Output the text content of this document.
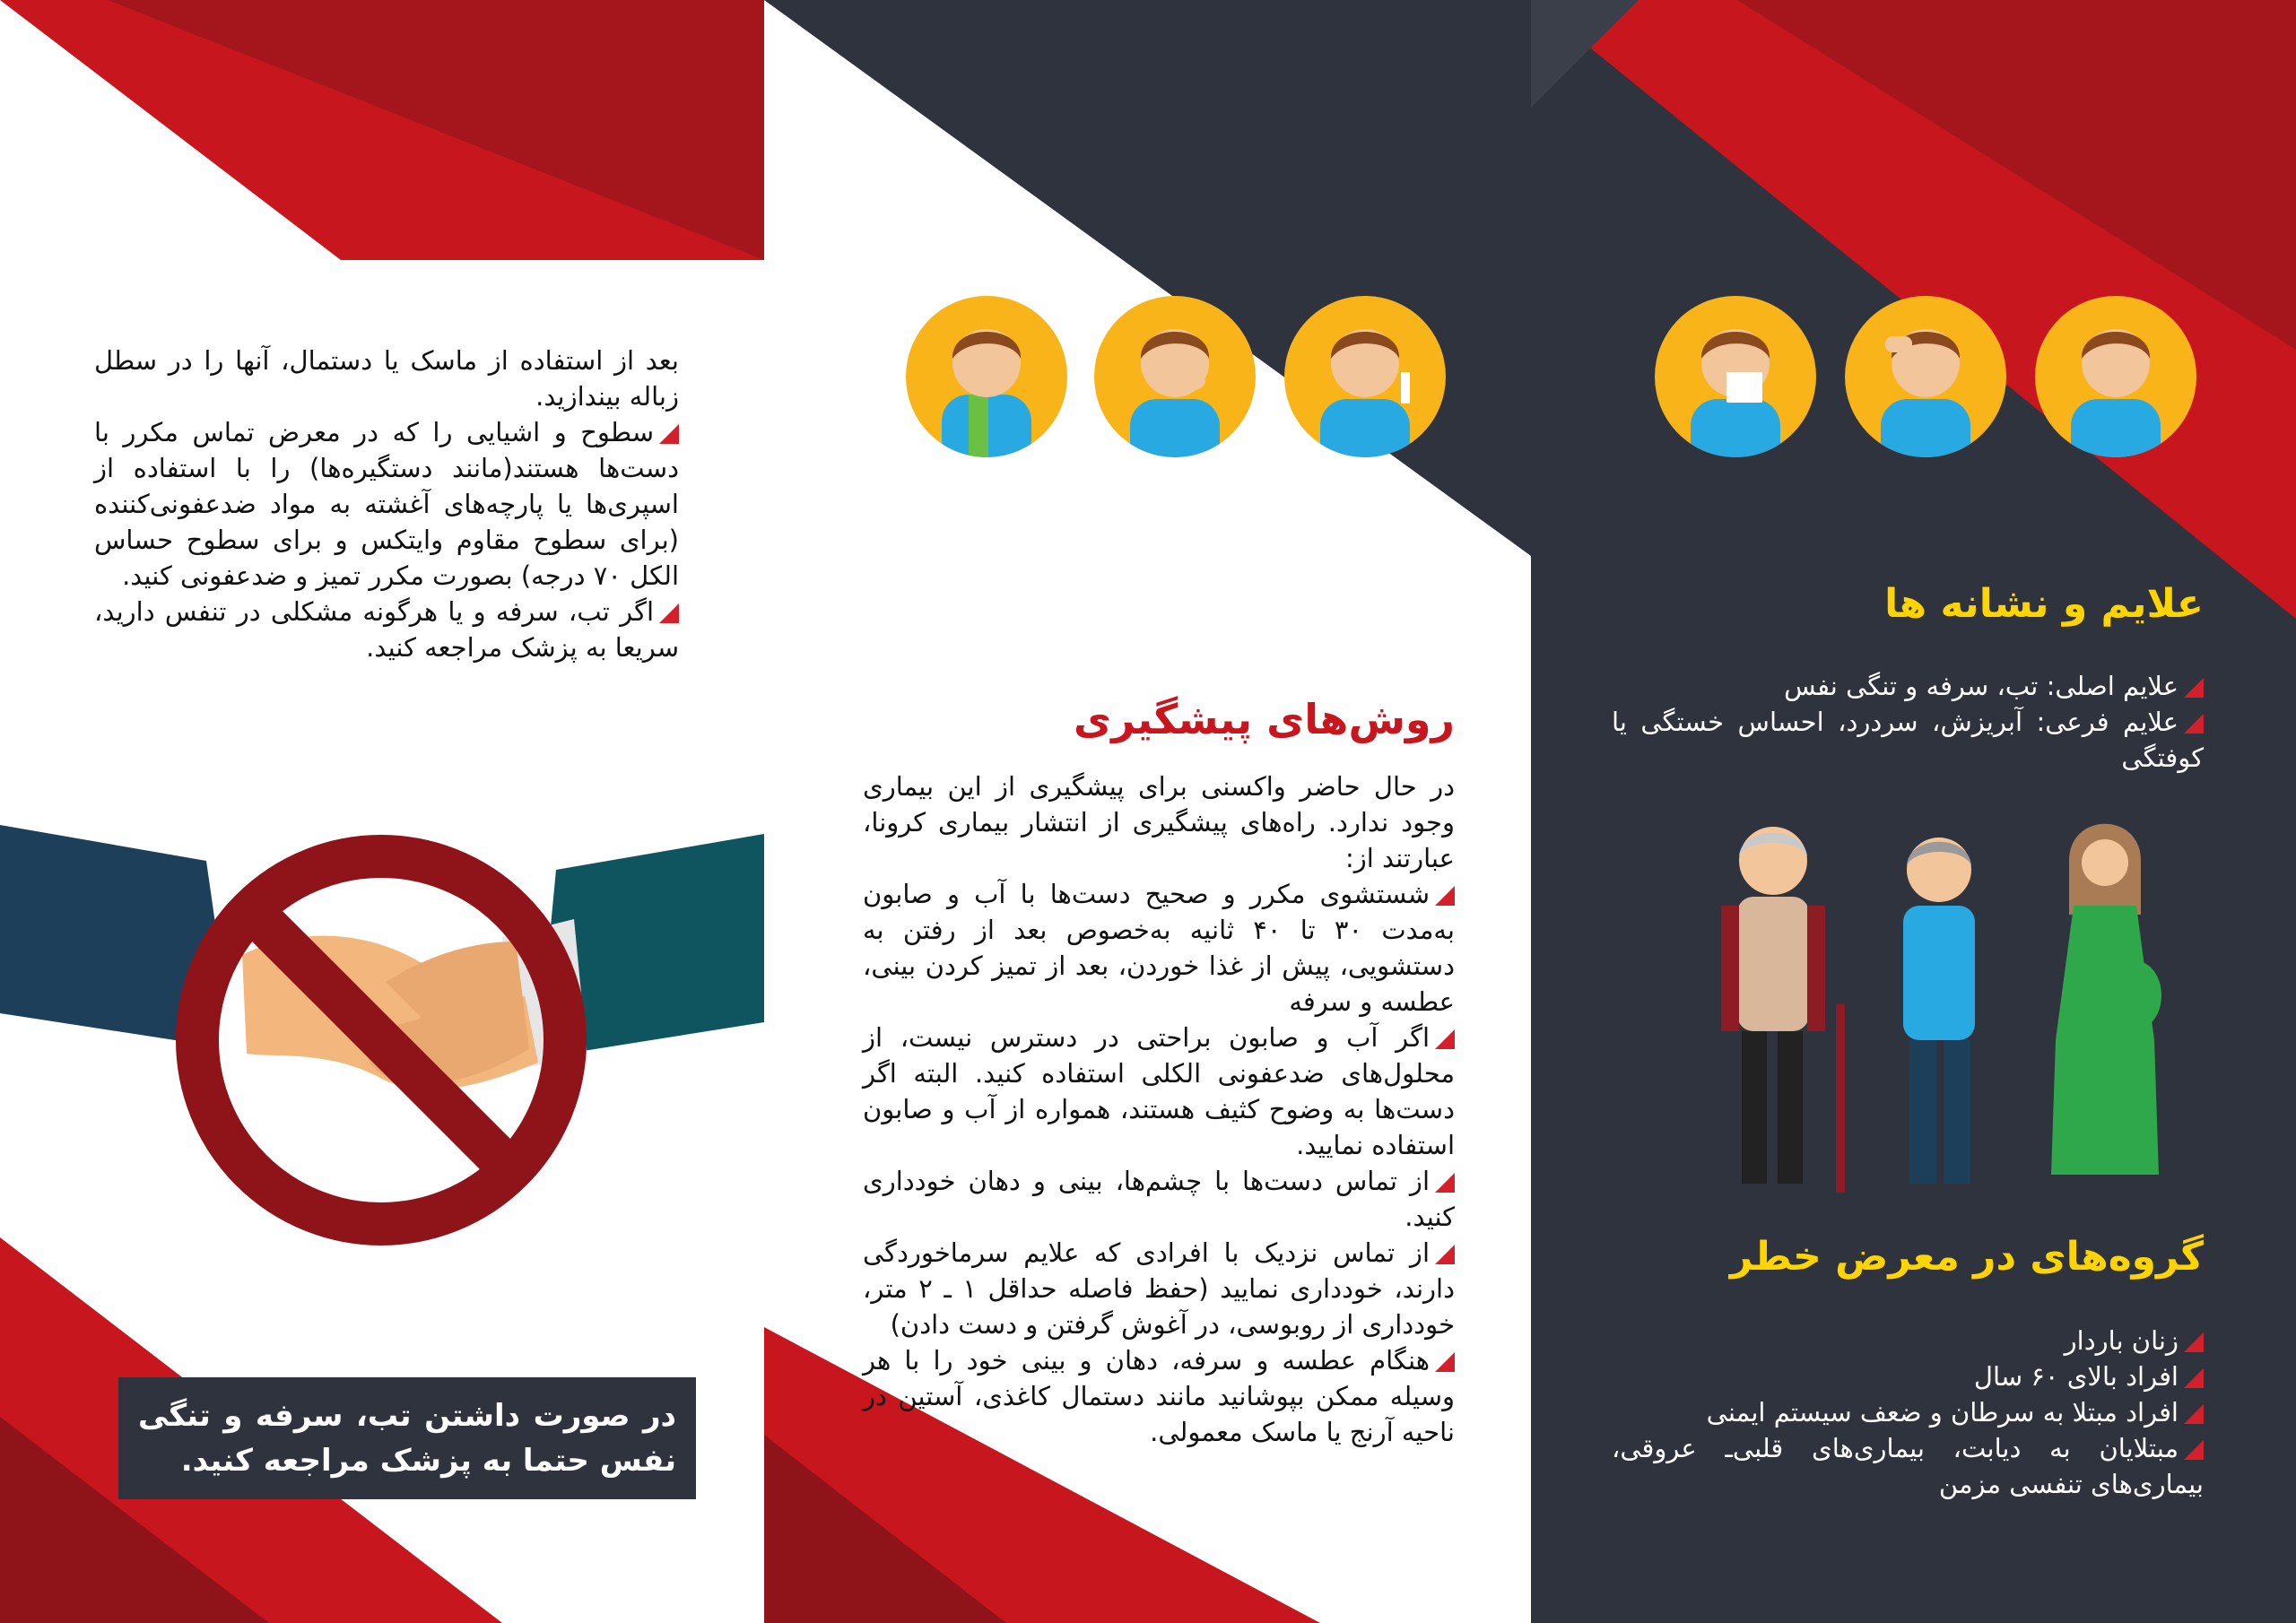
بعد از استفاده از ماسک یا دستمال، آنها را در سطل زباله بیندازید.

سطوح و اشیایی را که در معرض تماس مکرر با دست‌ها هستند(مانند دستگیره‌ها) را با استفاده از اسپری‌ها یا پارچه‌های آغشته به مواد ضدعفونی‌کننده (برای سطوح مقاوم وایتکس و برای سطوح حساس الکل ۷۰ درجه) بصورت مکرر تمیز و ضدعفونی کنید.

اگر تب، سرفه و یا هرگونه مشکلی در تنفس دارید، سریعا به پزشک مراجعه کنید.

در صورت داشتن تب، سرفه و تنگی نفس حتما به پزشک مراجعه کنید.
روش‌های پیشگیری

در حال حاضر واکسنی برای پیشگیری از این بیماری وجود ندارد. راه‌های پیشگیری از انتشار بیماری کرونا، عبارتند از:

شستشوی مکرر و صحیح دست‌ها با آب و صابون به‌مدت ۳۰ تا ۴۰ ثانیه به‌خصوص بعد از رفتن به دستشویی، پیش از غذا خوردن، بعد از تمیز کردن بینی، عطسه و سرفه

اگر آب و صابون براحتی در دسترس نیست، از محلول‌های ضدعفونی الکلی استفاده کنید. البته اگر دست‌ها به وضوح کثیف هستند، همواره از آب و صابون استفاده نمایید.

از تماس دست‌ها با چشم‌ها، بینی و دهان خودداری کنید.

از تماس نزدیک با افرادی که علایم سرماخوردگی دارند، خودداری نمایید (حفظ فاصله حداقل ۱ ـ ۲ متر، خودداری از روبوسی، در آغوش گرفتن و دست دادن)

هنگام عطسه و سرفه، دهان و بینی خود را با هر وسیله ممکن بپوشانید مانند دستمال کاغذی، آستین در ناحیه آرنج یا ماسک معمولی.

علایم و نشانه ها

علایم اصلی: تب، سرفه و تنگی نفس

علایم فرعی: آبریزش، سردرد، احساس خستگی یا کوفتگی

گروه‌های در معرض خطر

زنان باردار

افراد بالای ۶۰ سال

افراد مبتلا به سرطان و ضعف سیستم ایمنی

مبتلایان به دیابت، بیماری‌های قلبی‌ـ عروقی، بیماری‌های تنفسی مزمن
